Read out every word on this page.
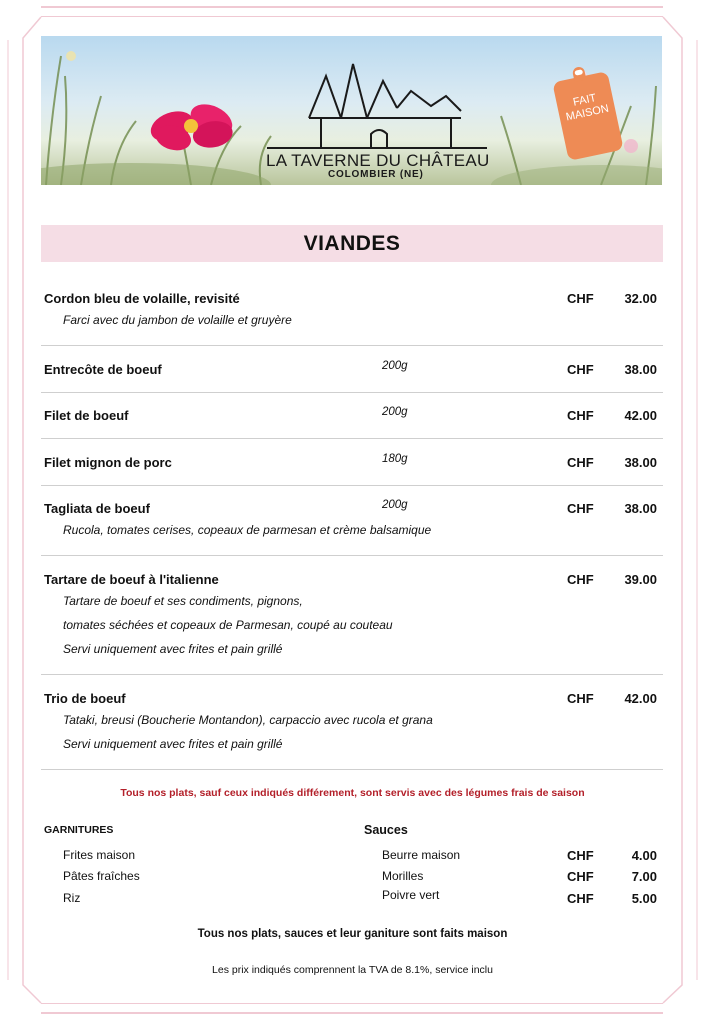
LA TAVERNE DU CHÂTEAU
COLOMBIER (NE)
FAIT MAISON
VIANDES
Cordon bleu de volaille, revisité	CHF	32.00
Farci avec du jambon de volaille et gruyère
Entrecôte de boeuf	200g	CHF	38.00
Filet de boeuf	200g	CHF	42.00
Filet mignon de porc	180g	CHF	38.00
Tagliata de boeuf	200g	CHF	38.00
Rucola, tomates cerises, copeaux de parmesan et crème balsamique
Tartare de boeuf à l'italienne	CHF	39.00
Tartare de boeuf et ses condiments, pignons,
tomates séchées et copeaux de Parmesan, coupé au couteau
Servi uniquement avec frites et pain grillé
Trio de boeuf	CHF	42.00
Tataki, breusi (Boucherie Montandon), carpaccio avec rucola et grana
Servi uniquement avec frites et pain grillé
Tous nos plats, sauf ceux indiqués différement, sont servis avec des légumes frais de saison
GARNITURES
Frites maison
Pâtes fraîches
Riz
Sauces
Beurre maison	CHF	4.00
Morilles	CHF	7.00
Poivre vert	CHF	5.00
Tous nos plats, sauces et leur ganiture sont faits maison
Les prix indiqués comprennent la TVA de 8.1%, service inclu
